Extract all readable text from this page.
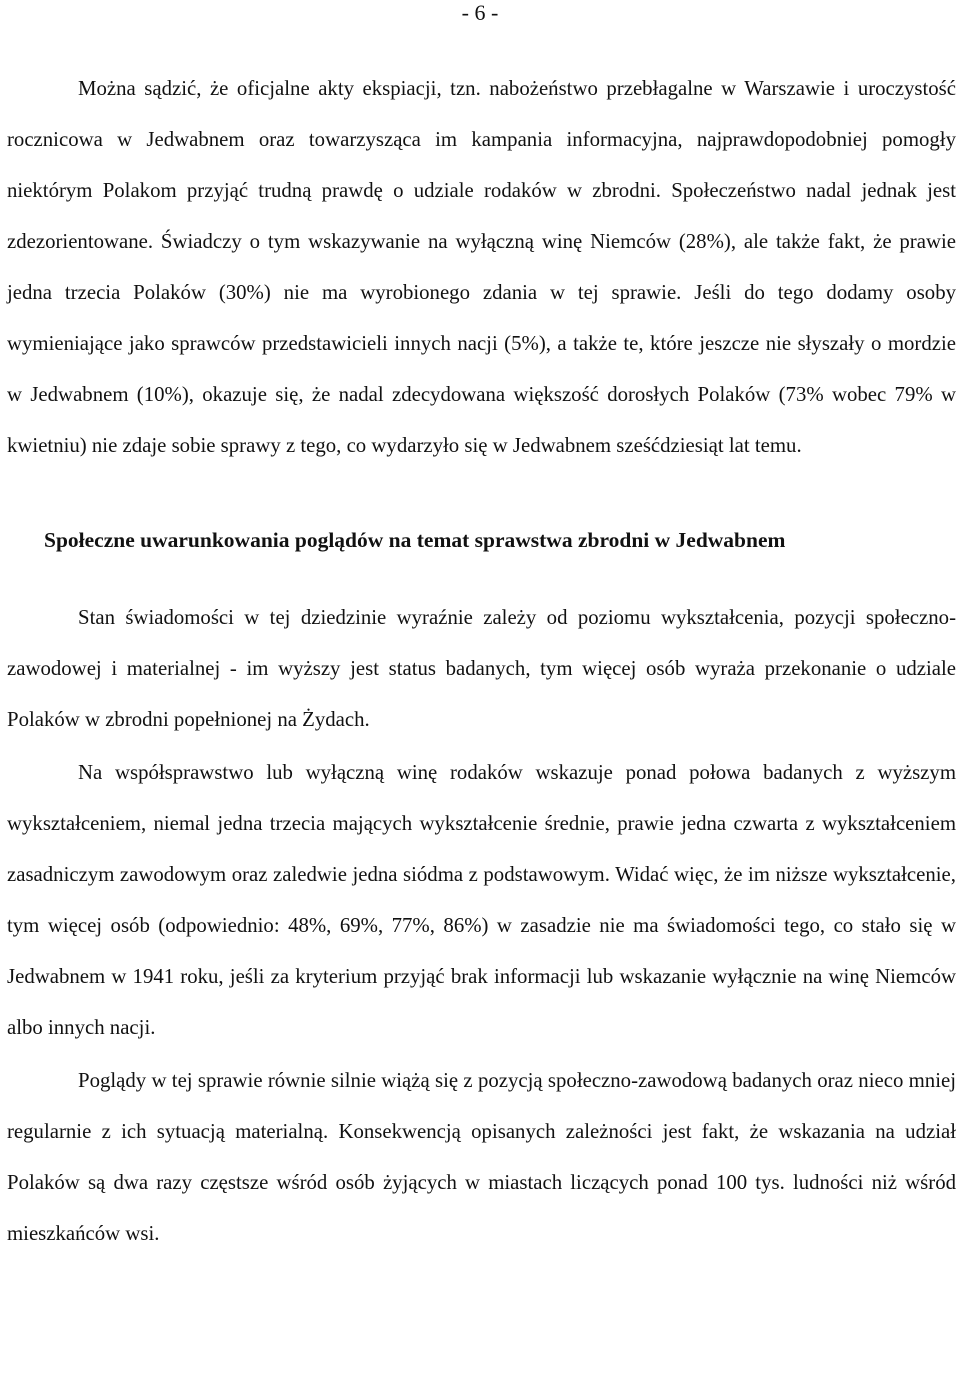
- 6 -

Można sądzić, że oficjalne akty ekspiacji, tzn. nabożeństwo przebłagalne w Warszawie i uroczystość rocznicowa w Jedwabnem oraz towarzysząca im kampania informacyjna, najprawdopodobniej pomogły niektórym Polakom przyjąć trudną prawdę o udziale rodaków w zbrodni. Społeczeństwo nadal jednak jest zdezorientowane. Świadczy o tym wskazywanie na wyłączną winę Niemców (28%), ale także fakt, że prawie jedna trzecia Polaków (30%) nie ma wyrobionego zdania w tej sprawie. Jeśli do tego dodamy osoby wymieniające jako sprawców przedstawicieli innych nacji (5%), a także te, które jeszcze nie słyszały o mordzie w Jedwabnem (10%), okazuje się, że nadal zdecydowana większość dorosłych Polaków (73% wobec 79% w kwietniu) nie zdaje sobie sprawy z tego, co wydarzyło się w Jedwabnem sześćdziesiąt lat temu.

Społeczne uwarunkowania poglądów na temat sprawstwa zbrodni w Jedwabnem

Stan świadomości w tej dziedzinie wyraźnie zależy od poziomu wykształcenia, pozycji społeczno-zawodowej i materialnej - im wyższy jest status badanych, tym więcej osób wyraża przekonanie o udziale Polaków w zbrodni popełnionej na Żydach.

Na współsprawstwo lub wyłączną winę rodaków wskazuje ponad połowa badanych z wyższym wykształceniem, niemal jedna trzecia mających wykształcenie średnie, prawie jedna czwarta z wykształceniem zasadniczym zawodowym oraz zaledwie jedna siódma z podstawowym. Widać więc, że im niższe wykształcenie, tym więcej osób (odpowiednio: 48%, 69%, 77%, 86%) w zasadzie nie ma świadomości tego, co stało się w Jedwabnem w 1941 roku, jeśli za kryterium przyjąć brak informacji lub wskazanie wyłącznie na winę Niemców albo innych nacji.

Poglądy w tej sprawie równie silnie wiążą się z pozycją społeczno-zawodową badanych oraz nieco mniej regularnie z ich sytuacją materialną. Konsekwencją opisanych zależności jest fakt, że wskazania na udział Polaków są dwa razy częstsze wśród osób żyjących w miastach liczących ponad 100 tys. ludności niż wśród mieszkańców wsi.
